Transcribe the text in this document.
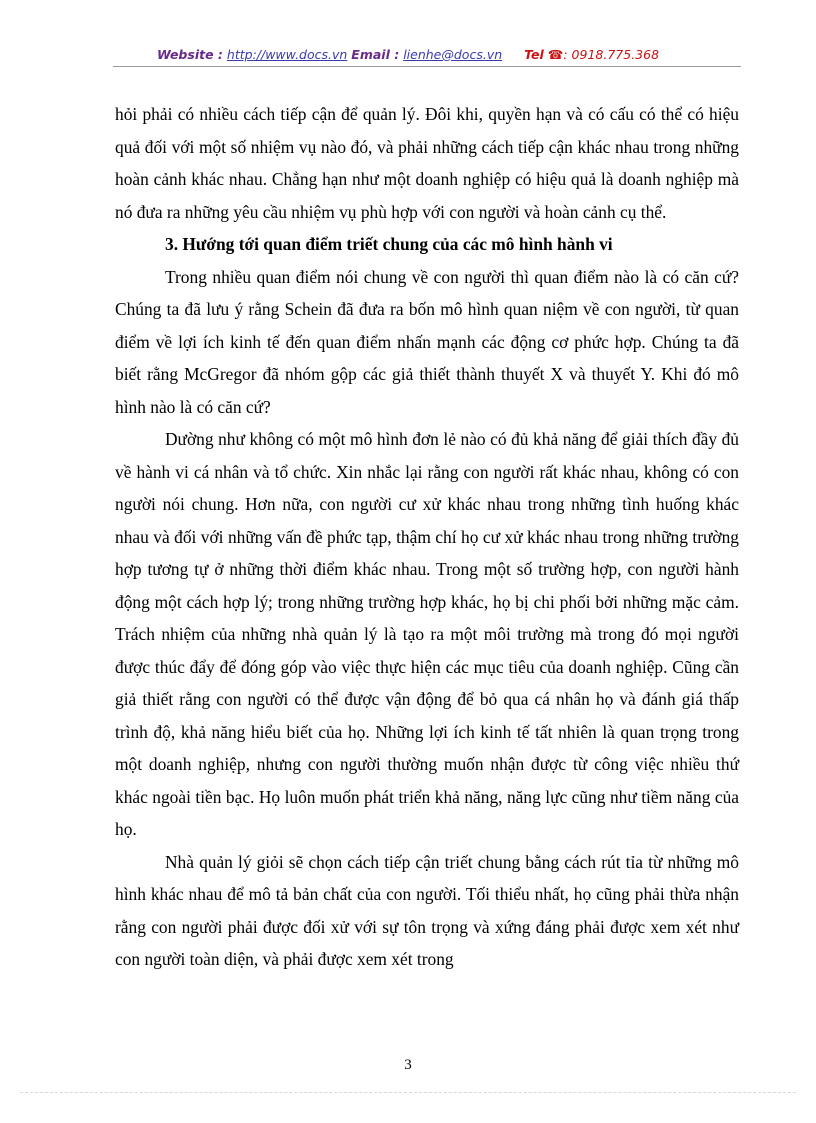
Website : http://www.docs.vn Email : lienhe@docs.vn Tel ☎: 0918.775.368

hỏi phải có nhiều cách tiếp cận để quản lý. Đôi khi, quyền hạn và có cấu có thể có hiệu quả đối với một số nhiệm vụ nào đó, và phải những cách tiếp cận khác nhau trong những hoàn cảnh khác nhau. Chẳng hạn như một doanh nghiệp có hiệu quả là doanh nghiệp mà nó đưa ra những yêu cầu nhiệm vụ phù hợp với con người và hoàn cảnh cụ thể.

3. Hướng tới quan điểm triết chung của các mô hình hành vi

Trong nhiều quan điểm nói chung về con người thì quan điểm nào là có căn cứ? Chúng ta đã lưu ý rằng Schein đã đưa ra bốn mô hình quan niệm về con người, từ quan điểm về lợi ích kinh tế đến quan điểm nhấn mạnh các động cơ phức hợp. Chúng ta đã biết rằng McGregor đã nhóm gộp các giả thiết thành thuyết X và thuyết Y. Khi đó mô hình nào là có căn cứ?

Dường như không có một mô hình đơn lẻ nào có đủ khả năng để giải thích đầy đủ về hành vi cá nhân và tổ chức. Xin nhắc lại rằng con người rất khác nhau, không có con người nói chung. Hơn nữa, con người cư xử khác nhau trong những tình huống khác nhau và đối với những vấn đề phức tạp, thậm chí họ cư xử khác nhau trong những trường hợp tương tự ở những thời điểm khác nhau. Trong một số trường hợp, con người hành động một cách hợp lý; trong những trường hợp khác, họ bị chi phối bởi những mặc cảm. Trách nhiệm của những nhà quản lý là tạo ra một môi trường mà trong đó mọi người được thúc đẩy để đóng góp vào việc thực hiện các mục tiêu của doanh nghiệp. Cũng cần giả thiết rằng con người có thể được vận động để bỏ qua cá nhân họ và đánh giá thấp trình độ, khả năng hiểu biết của họ. Những lợi ích kinh tế tất nhiên là quan trọng trong một doanh nghiệp, nhưng con người thường muốn nhận được từ công việc nhiều thứ khác ngoài tiền bạc. Họ luôn muốn phát triển khả năng, năng lực cũng như tiềm năng của họ.

Nhà quản lý giỏi sẽ chọn cách tiếp cận triết chung bằng cách rút tỉa từ những mô hình khác nhau để mô tả bản chất của con người. Tối thiểu nhất, họ cũng phải thừa nhận rằng con người phải được đối xử với sự tôn trọng và xứng đáng phải được xem xét như con người toàn diện, và phải được xem xét trong

3
